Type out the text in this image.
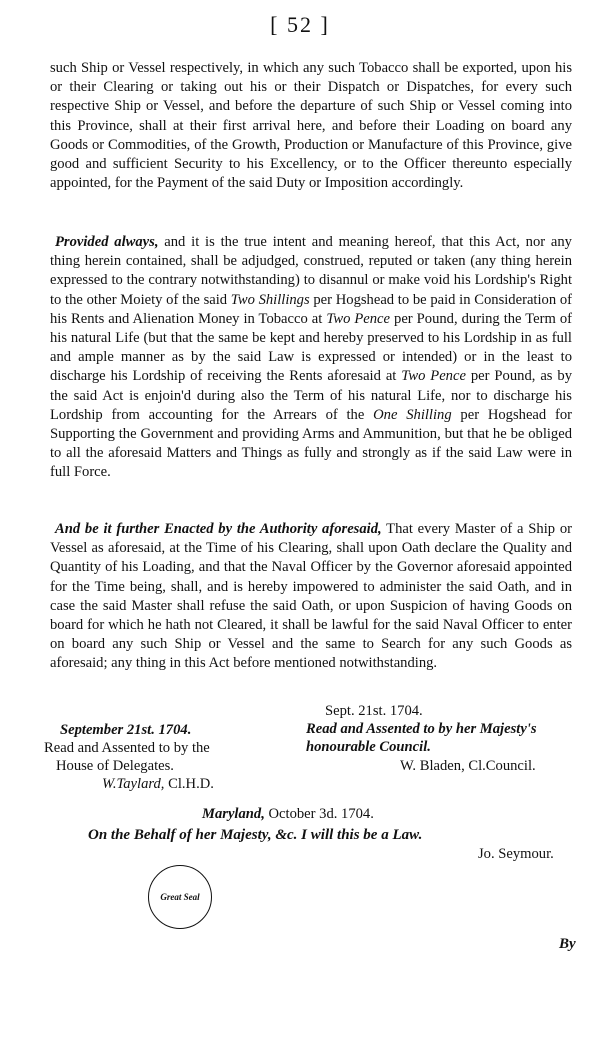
[ 52 ]

such Ship or Vessel respectively, in which any such Tobacco shall be exported, upon his or their Clearing or taking out his or their Dispatch or Dispatches, for every such respective Ship or Vessel, and before the departure of such Ship or Vessel coming into this Province, shall at their first arrival here, and before their Loading on board any Goods or Commodities, of the Growth, Production or Manufacture of this Province, give good and sufficient Security to his Excellency, or to the Officer thereunto especially appointed, for the Payment of the said Duty or Imposition accordingly.

Provided always, and it is the true intent and meaning hereof, that this Act, nor any thing herein contained, shall be adjudged, construed, reputed or taken (any thing herein expressed to the contrary notwithstanding) to disannul or make void his Lordship's Right to the other Moiety of the said Two Shillings per Hogshead to be paid in Consideration of his Rents and Alienation Money in Tobacco at Two Pence per Pound, during the Term of his natural Life (but that the same be kept and hereby preserved to his Lordship in as full and ample manner as by the said Law is expressed or intended) or in the least to discharge his Lordship of receiving the Rents aforesaid at Two Pence per Pound, as by the said Act is enjoin'd during also the Term of his natural Life, nor to discharge his Lordship from accounting for the Arrears of the One Shilling per Hogshead for Supporting the Government and providing Arms and Ammunition, but that he be obliged to all the aforesaid Matters and Things as fully and strongly as if the said Law were in full Force.

And be it further Enacted by the Authority aforesaid, That every Master of a Ship or Vessel as aforesaid, at the Time of his Clearing, shall upon Oath declare the Quality and Quantity of his Loading, and that the Naval Officer by the Governor aforesaid appointed for the Time being, shall, and is hereby impowered to administer the said Oath, and in case the said Master shall refuse the said Oath, or upon Suspicion of having Goods on board for which he hath not Cleared, it shall be lawful for the said Naval Officer to enter on board any such Ship or Vessel and the same to Search for any such Goods as aforesaid; any thing in this Act before mentioned notwithstanding.

Sept. 21st. 1704.
Read and Assented to by her Majesty's honourable Council.
W. Bladen, Cl.Council.
September 21st. 1704.
Read and Assented to by the
House of Delegates.
W.Taylard, Cl.H.D.
Maryland, October 3d. 1704.
On the Behalf of her Majesty, &c. I will this be a Law.
Jo. Seymour.
Great Seal
By
